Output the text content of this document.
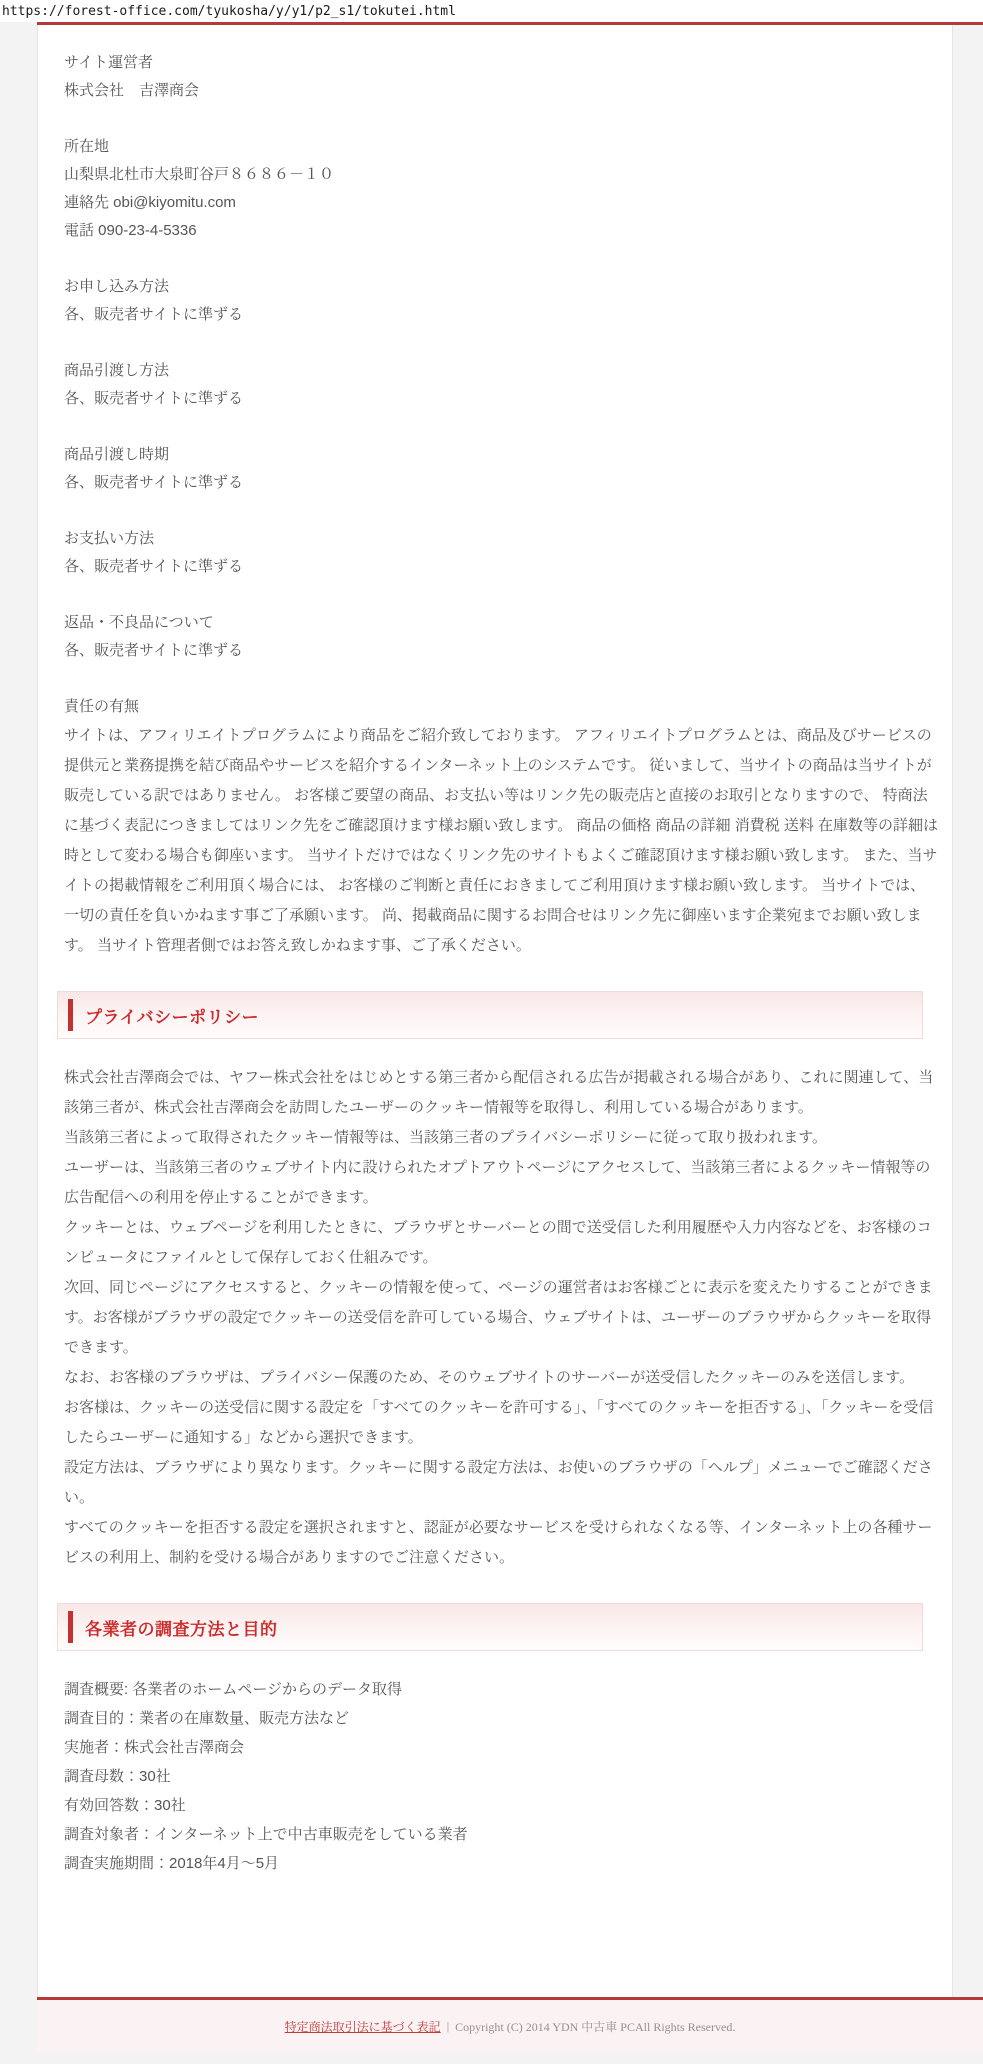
https://forest-office.com/tyukosha/y/y1/p2_s1/tokutei.html
サイト運営者
株式会社　吉澤商会
所在地
山梨県北杜市大泉町谷戸８６８６－１０
連絡先 obi@kiyomitu.com
電話 090-23-4-5336
お申し込み方法
各、販売者サイトに準ずる
商品引渡し方法
各、販売者サイトに準ずる
商品引渡し時期
各、販売者サイトに準ずる
お支払い方法
各、販売者サイトに準ずる
返品・不良品について
各、販売者サイトに準ずる
責任の有無
サイトは、アフィリエイトプログラムにより商品をご紹介致しております。 アフィリエイトプログラムとは、商品及びサービスの提供元と業務提携を結び商品やサービスを紹介するインターネット上のシステムです。 従いまして、当サイトの商品は当サイトが販売している訳ではありません。 お客様ご要望の商品、お支払い等はリンク先の販売店と直接のお取引となりますので、 特商法に基づく表記につきましてはリンク先をご確認頂けます様お願い致します。 商品の価格 商品の詳細 消費税 送料 在庫数等の詳細は時として変わる場合も御座います。 当サイトだけではなくリンク先のサイトもよくご確認頂けます様お願い致します。 また、当サイトの掲載情報をご利用頂く場合には、 お客様のご判断と責任におきましてご利用頂けます様お願い致します。 当サイトでは、一切の責任を負いかねます事ご了承願います。 尚、掲載商品に関するお問合せはリンク先に御座います企業宛までお願い致します。 当サイト管理者側ではお答え致しかねます事、ご了承ください。
プライバシーポリシー

株式会社吉澤商会では、ヤフー株式会社をはじめとする第三者から配信される広告が掲載される場合があり、これに関連して、当該第三者が、株式会社吉澤商会を訪問したユーザーのクッキー情報等を取得し、利用している場合があります。

当該第三者によって取得されたクッキー情報等は、当該第三者のプライバシーポリシーに従って取り扱われます。

ユーザーは、当該第三者のウェブサイト内に設けられたオプトアウトページにアクセスして、当該第三者によるクッキー情報等の広告配信への利用を停止することができます。

クッキーとは、ウェブページを利用したときに、ブラウザとサーバーとの間で送受信した利用履歴や入力内容などを、お客様のコンピュータにファイルとして保存しておく仕組みです。

次回、同じページにアクセスすると、クッキーの情報を使って、ページの運営者はお客様ごとに表示を変えたりすることができます。お客様がブラウザの設定でクッキーの送受信を許可している場合、ウェブサイトは、ユーザーのブラウザからクッキーを取得できます。

なお、お客様のブラウザは、プライバシー保護のため、そのウェブサイトのサーバーが送受信したクッキーのみを送信します。

お客様は、クッキーの送受信に関する設定を「すべてのクッキーを許可する」、「すべてのクッキーを拒否する」、「クッキーを受信したらユーザーに通知する」などから選択できます。

設定方法は、ブラウザにより異なります。クッキーに関する設定方法は、お使いのブラウザの「ヘルプ」メニューでご確認ください。

すべてのクッキーを拒否する設定を選択されますと、認証が必要なサービスを受けられなくなる等、インターネット上の各種サービスの利用上、制約を受ける場合がありますのでご注意ください。

各業者の調査方法と目的
調査概要: 各業者のホームページからのデータ取得
調査目的：業者の在庫数量、販売方法など
実施者：株式会社吉澤商会
調査母数：30社
有効回答数：30社
調査対象者：インターネット上で中古車販売をしている業者
調査実施期間：2018年4月～5月
特定商法取引法に基づく表記 | Copyright (C) 2014 YDN 中古車 PCAll Rights Reserved.
